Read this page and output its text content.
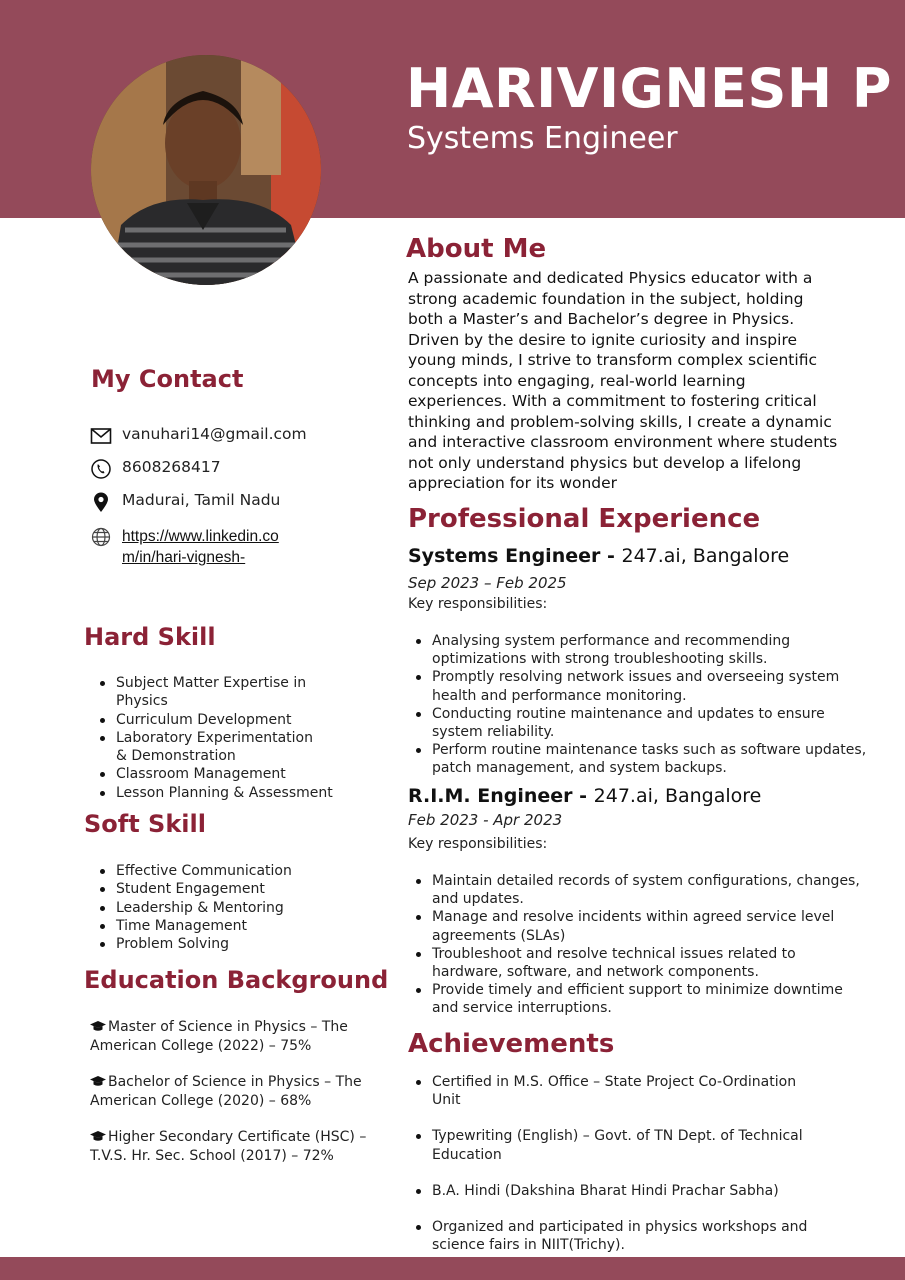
HARIVIGNESH P
Systems Engineer
About Me
A passionate and dedicated Physics educator with a strong academic foundation in the subject, holding both a Master’s and Bachelor’s degree in Physics. Driven by the desire to ignite curiosity and inspire young minds, I strive to transform complex scientific concepts into engaging, real-world learning experiences. With a commitment to fostering critical thinking and problem-solving skills, I create a dynamic and interactive classroom environment where students not only understand physics but develop a lifelong appreciation for its wonder
My Contact
vanuhari14@gmail.com
8608268417
Madurai, Tamil Nadu
https://www.linkedin.co
m/in/hari-vignesh-
Hard Skill
Subject Matter Expertise in Physics
Curriculum Development
Laboratory Experimentation & Demonstration
Classroom Management
Lesson Planning & Assessment
Soft Skill
Effective Communication
Student Engagement
Leadership & Mentoring
Time Management
Problem Solving
Education Background
Master of Science in Physics – The American College (2022) – 75%
Bachelor of Science in Physics – The American College (2020) – 68%
Higher Secondary Certificate (HSC) – T.V.S. Hr. Sec. School (2017) – 72%
Professional Experience
Systems Engineer - 247.ai, Bangalore
Sep 2023 – Feb 2025
Key responsibilities:
Analysing system performance and recommending optimizations with strong troubleshooting skills.
Promptly resolving network issues and overseeing system health and performance monitoring.
Conducting routine maintenance and updates to ensure system reliability.
Perform routine maintenance tasks such as software updates, patch management, and system backups.
R.I.M. Engineer - 247.ai, Bangalore
Feb 2023 - Apr 2023
Key responsibilities:
Maintain detailed records of system configurations, changes, and updates.
Manage and resolve incidents within agreed service level agreements (SLAs)
Troubleshoot and resolve technical issues related to hardware, software, and network components.
Provide timely and efficient support to minimize downtime and service interruptions.
Achievements
Certified in M.S. Office – State Project Co-Ordination Unit
Typewriting (English) – Govt. of TN Dept. of Technical Education
B.A. Hindi (Dakshina Bharat Hindi Prachar Sabha)
Organized and participated in physics workshops and science fairs in NIIT(Trichy).
